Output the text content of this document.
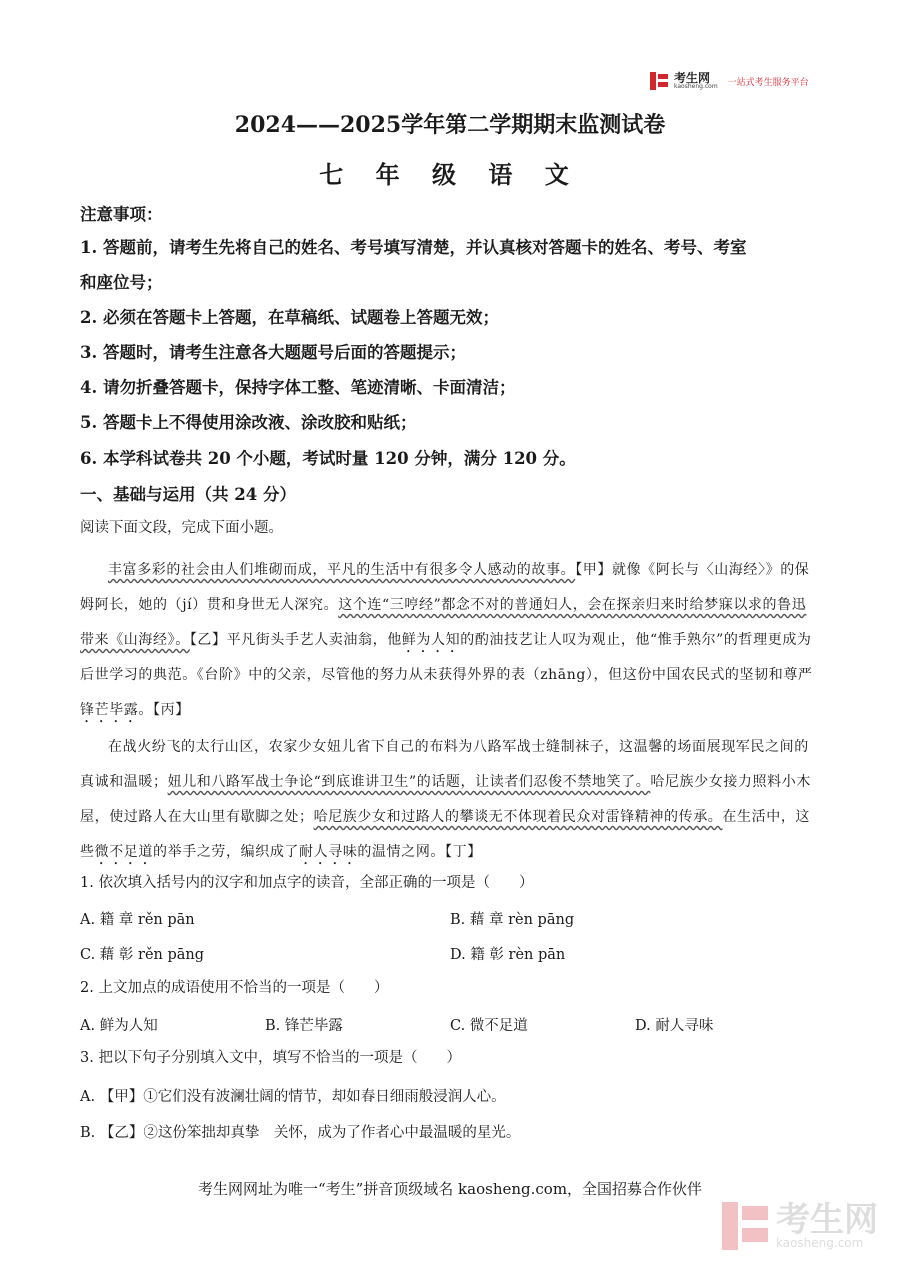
考生网
kaosheng.com 一站式考生服务平台
2024——2025学年第二学期期末监测试卷
七 年 级 语 文
注意事项：
1. 答题前，请考生先将自己的姓名、考号填写清楚，并认真核对答题卡的姓名、考号、考室
和座位号；
2. 必须在答题卡上答题，在草稿纸、试题卷上答题无效；
3. 答题时，请考生注意各大题题号后面的答题提示；
4. 请勿折叠答题卡，保持字体工整、笔迹清晰、卡面清洁；
5. 答题卡上不得使用涂改液、涂改胶和贴纸；
6. 本学科试卷共 20 个小题，考试时量 120 分钟，满分 120 分。
一、基础与运用（共 24 分）
阅读下面文段，完成下面小题。

丰富多彩的社会由人们堆砌而成，平凡的生活中有很多令人感动的故事。【甲】就像《阿长与〈山海经〉》的保姆阿长，她的（jí）贯和身世无人深究。这个连“三哼经”都念不对的普通妇人，会在探亲归来时给梦寐以求的鲁迅带来《山海经》。【乙】平凡街头手艺人卖油翁，他鲜为人知的酌油技艺让人叹为观止，他“惟手熟尔”的哲理更成为后世学习的典范。《台阶》中的父亲，尽管他的努力从未获得外界的表（zhāng），但这份中国农民式的坚韧和尊严锋芒毕露。【丙】

在战火纷飞的太行山区，农家少女妞儿省下自己的布料为八路军战士缝制袜子，这温馨的场面展现军民之间的真诚和温暖；妞儿和八路军战士争论“到底谁讲卫生”的话题，让读者们忍俊不禁地笑了。哈尼族少女接力照料小木屋，使过路人在大山里有歇脚之处；哈尼族少女和过路人的攀谈无不体现着民众对雷锋精神的传承。在生活中，这些微不足道的举手之劳，编织成了耐人寻味的温情之网。【丁】

1. 依次填入括号内的汉字和加点字的读音，全部正确的一项是（　　）
A. 籍 章 rěn pān	B. 藉 章 rèn pāng
C. 藉 彰 rěn pāng	D. 籍 彰 rèn pān
2. 上文加点的成语使用不恰当的一项是（　　）
A. 鲜为人知	B. 锋芒毕露	C. 微不足道	D. 耐人寻味
3. 把以下句子分别填入文中，填写不恰当的一项是（　　）
A. 【甲】①它们没有波澜壮阔的情节，却如春日细雨般浸润人心。
B. 【乙】②这份笨拙却真挚　关怀，成为了作者心中最温暖的星光。
考生网网址为唯一“考生”拼音顶级域名 kaosheng.com，全国招募合作伙伴
考生网
kaosheng.com
